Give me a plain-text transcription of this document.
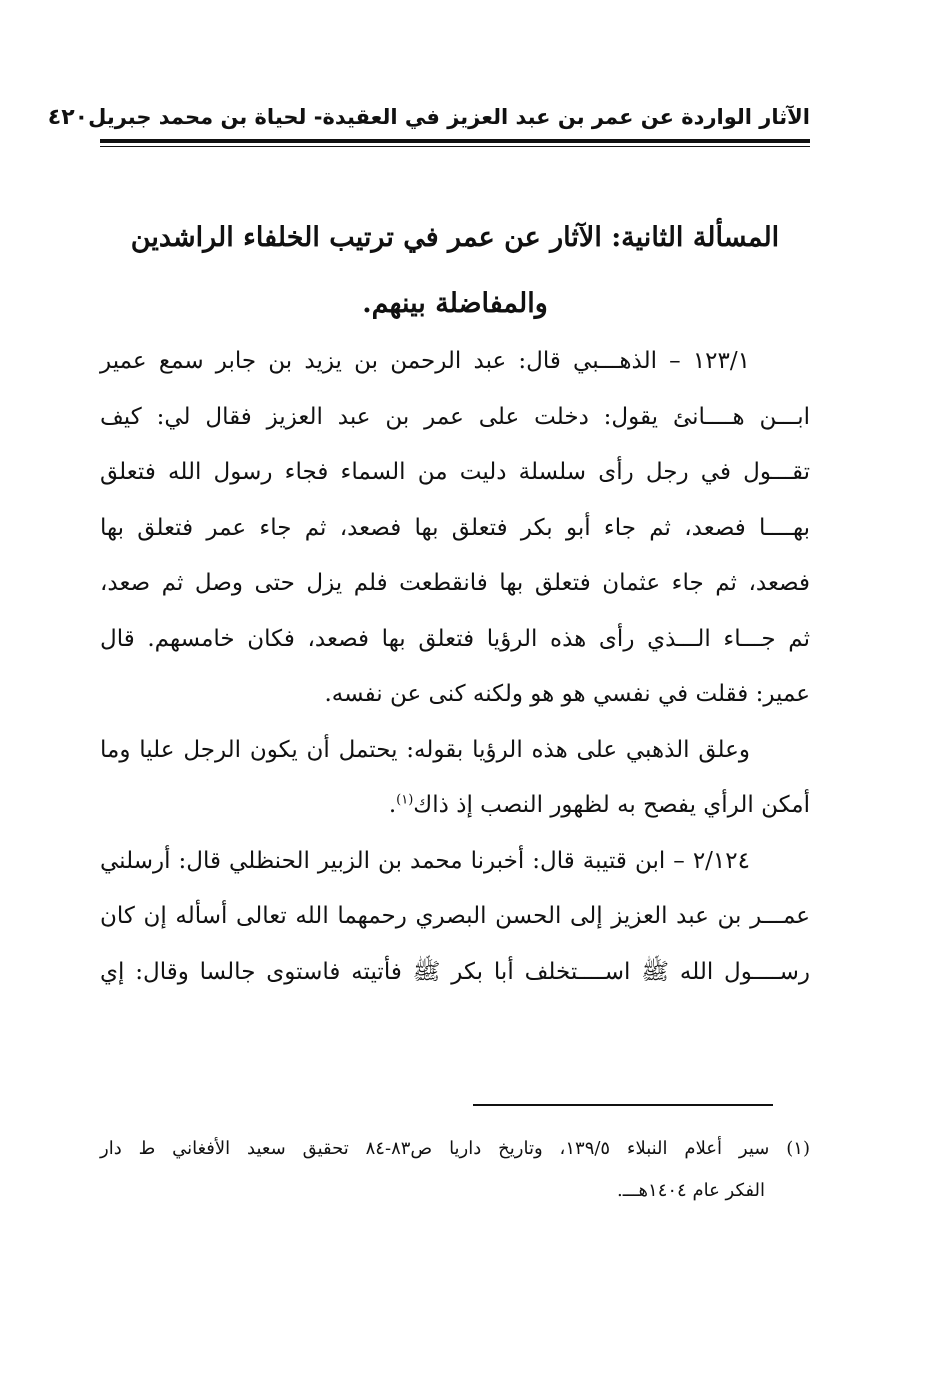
الآثار الواردة عن عمر بن عبد العزيز في العقيدة- لحياة بن محمد جبريل
٤٢٠
المسألة الثانية: الآثار عن عمر في ترتيب الخلفاء الراشدين
والمفاضلة بينهم.

١٢٣/١ – الذهـــبي قال: عبد الرحمن بن يزيد بن جابر سمع عمير
ابـــن هــــانئ يقول: دخلت على عمر بن عبد العزيز فقال لي: كيف
تقـــول في رجل رأى سلسلة دليت من السماء فجاء رسول الله فتعلق
بهــــا فصعد، ثم جاء أبو بكر فتعلق بها فصعد، ثم جاء عمر فتعلق بها
فصعد، ثم جاء عثمان فتعلق بها فانقطعت فلم يزل حتى وصل ثم صعد،
ثم جـــاء الـــذي رأى هذه الرؤيا فتعلق بها فصعد، فكان خامسهم. قال
عمير: فقلت في نفسي هو هو ولكنه كنى عن نفسه.

وعلق الذهبي على هذه الرؤيا بقوله: يحتمل أن يكون الرجل عليا وما
أمكن الرأي يفصح به لظهور النصب إذ ذاك$^{(١)}$.

٢/١٢٤ – ابن قتيبة قال: أخبرنا محمد بن الزبير الحنظلي قال: أرسلني
عمـــر بن عبد العزيز إلى الحسن البصري رحمهما الله تعالى أسأله إن كان
رســــول الله ﷺ اســــتخلف أبا بكر ﷺ فأتيته فاستوى جالسا وقال: إي

(١) سير أعلام النبلاء ١٣٩/٥، وتاريخ داريا ص٨٣-٨٤ تحقيق سعيد الأفغاني ط دار
الفكر عام ١٤٠٤هـــ.
